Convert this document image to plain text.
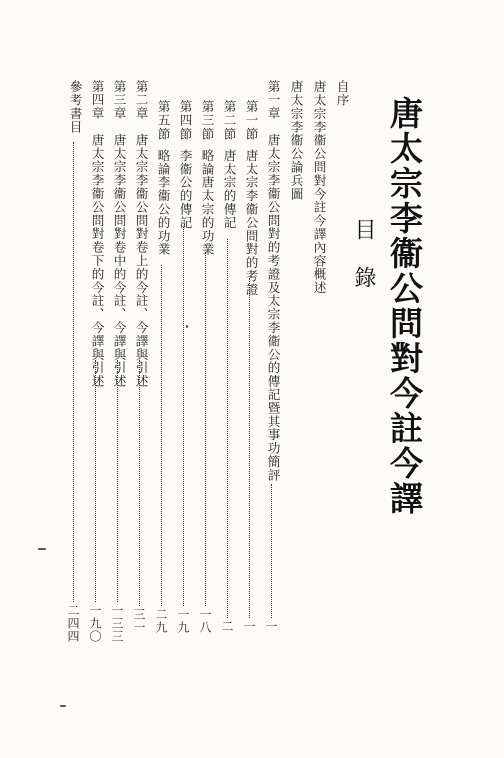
唐太宗李衞公問對今註今譯
目錄
自序
唐太宗李衞公問對今註今譯內容概述
唐太宗李衞公論兵圖
第一章唐太宗李衞公問對的考證及太宗李衞公的傳記暨其事功簡評
一
第一節唐太宗李衞公問對的考證
一
第二節唐太宗的傳記
二
第三節略論唐太宗的功業
一八
第四節李衞公的傳記
一九
第五節略論李衞公的功業
二九
第二章唐太宗李衞公問對卷上的今註、今譯與引述
三一
第三章唐太宗李衞公問對卷中的今註、今譯與引述
一三三
第四章唐太宗李衞公問對卷下的今註、今譯與引述
一九〇
參考書目
二四四
